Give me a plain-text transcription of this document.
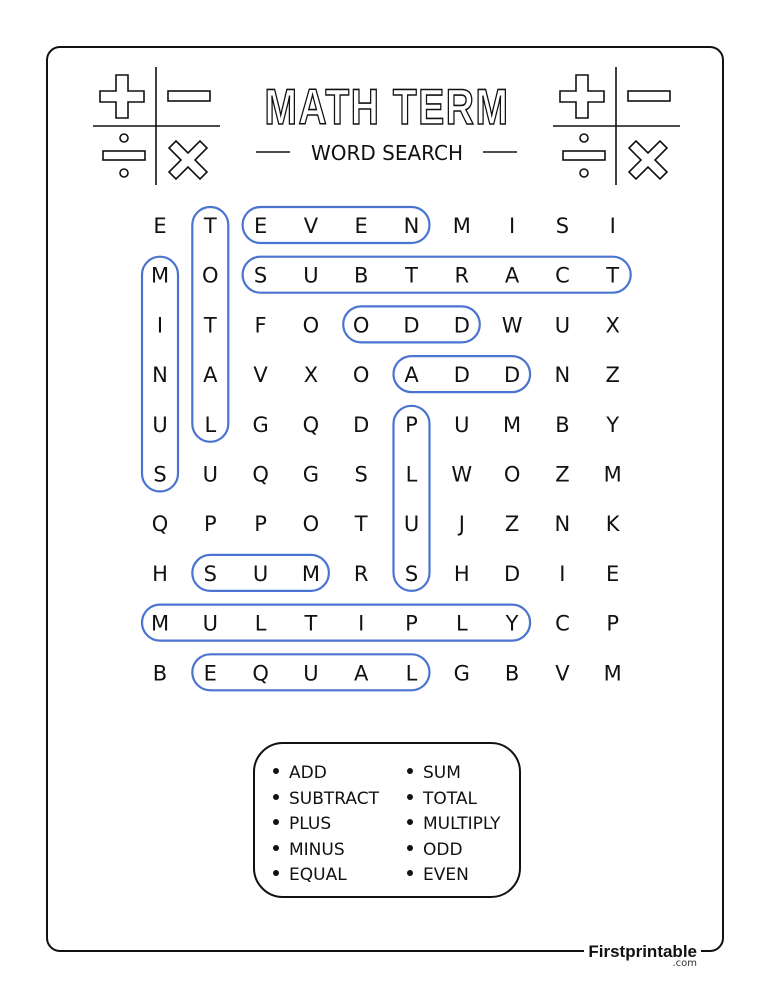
MATH TERM
WORD SEARCH
E T E V E N M I S I
M O S U B T R A C T
I T F O O D D W U X
N A V X O A D D N Z
U L G Q D P U M B Y
S U Q G S L W O Z M
Q P P O T U J Z N K
H S U M R S H D I E
M U L T I P L Y C P
B E Q U A L G B V M
ADD
SUBTRACT
PLUS
MINUS
EQUAL
SUM
TOTAL
MULTIPLY
ODD
EVEN
Firstprintable
.com
